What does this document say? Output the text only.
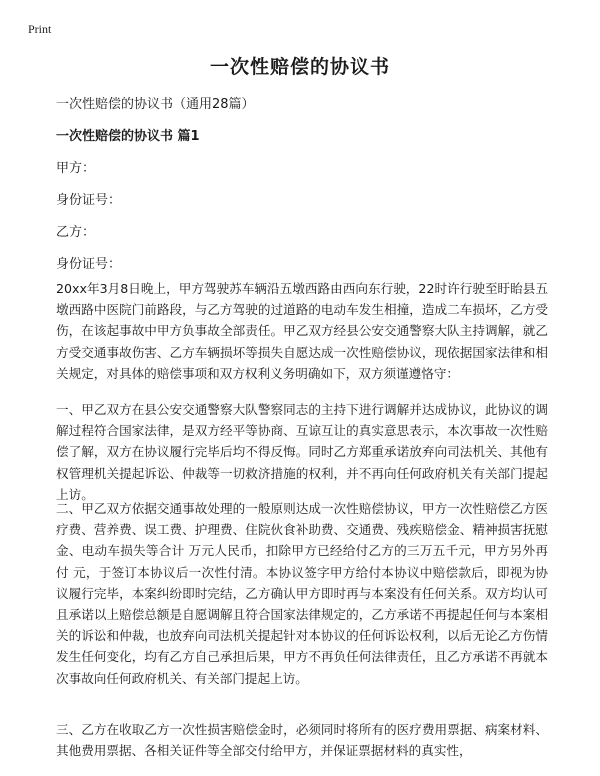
Print
一次性赔偿的协议书
一次性赔偿的协议书（通用28篇）
一次性赔偿的协议书 篇1
甲方：
身份证号：
乙方：
身份证号：

20xx年3月8日晚上，甲方驾驶苏车辆沿五墩西路由西向东行驶，22时许行驶至盱眙县五墩西路中医院门前路段，与乙方驾驶的过道路的电动车发生相撞，造成二车损坏，乙方受伤，在该起事故中甲方负事故全部责任。甲乙双方经县公安交通警察大队主持调解，就乙方受交通事故伤害、乙方车辆损坏等损失自愿达成一次性赔偿协议，现依据国家法律和相关规定，对具体的赔偿事项和双方权利义务明确如下，双方须谨遵恪守：

一、甲乙双方在县公安交通警察大队警察同志的主持下进行调解并达成协议，此协议的调解过程符合国家法律，是双方经平等协商、互谅互让的真实意思表示，本次事故一次性赔偿了解，双方在协议履行完毕后均不得反悔。同时乙方郑重承诺放弃向司法机关、其他有权管理机关提起诉讼、仲裁等一切救济措施的权利，并不再向任何政府机关有关部门提起上访。

二、甲乙双方依据交通事故处理的一般原则达成一次性赔偿协议，甲方一次性赔偿乙方医疗费、营养费、误工费、护理费、住院伙食补助费、交通费、残疾赔偿金、精神损害抚慰金、电动车损失等合计 万元人民币，扣除甲方已经给付乙方的三万五千元，甲方另外再付 元，于签订本协议后一次性付清。本协议签字甲方给付本协议中赔偿款后，即视为协议履行完毕，本案纠纷即时完结，乙方确认甲方即时再与本案没有任何关系。双方均认可且承诺以上赔偿总额是自愿调解且符合国家法律规定的，乙方承诺不再提起任何与本案相关的诉讼和仲裁，也放弃向司法机关提起针对本协议的任何诉讼权利，以后无论乙方伤情发生任何变化，均有乙方自己承担后果，甲方不再负任何法律责任，且乙方承诺不再就本次事故向任何政府机关、有关部门提起上访。

三、乙方在收取乙方一次性损害赔偿金时，必须同时将所有的医疗费用票据、病案材料、其他费用票据、各相关证件等全部交付给甲方，并保证票据材料的真实性，
